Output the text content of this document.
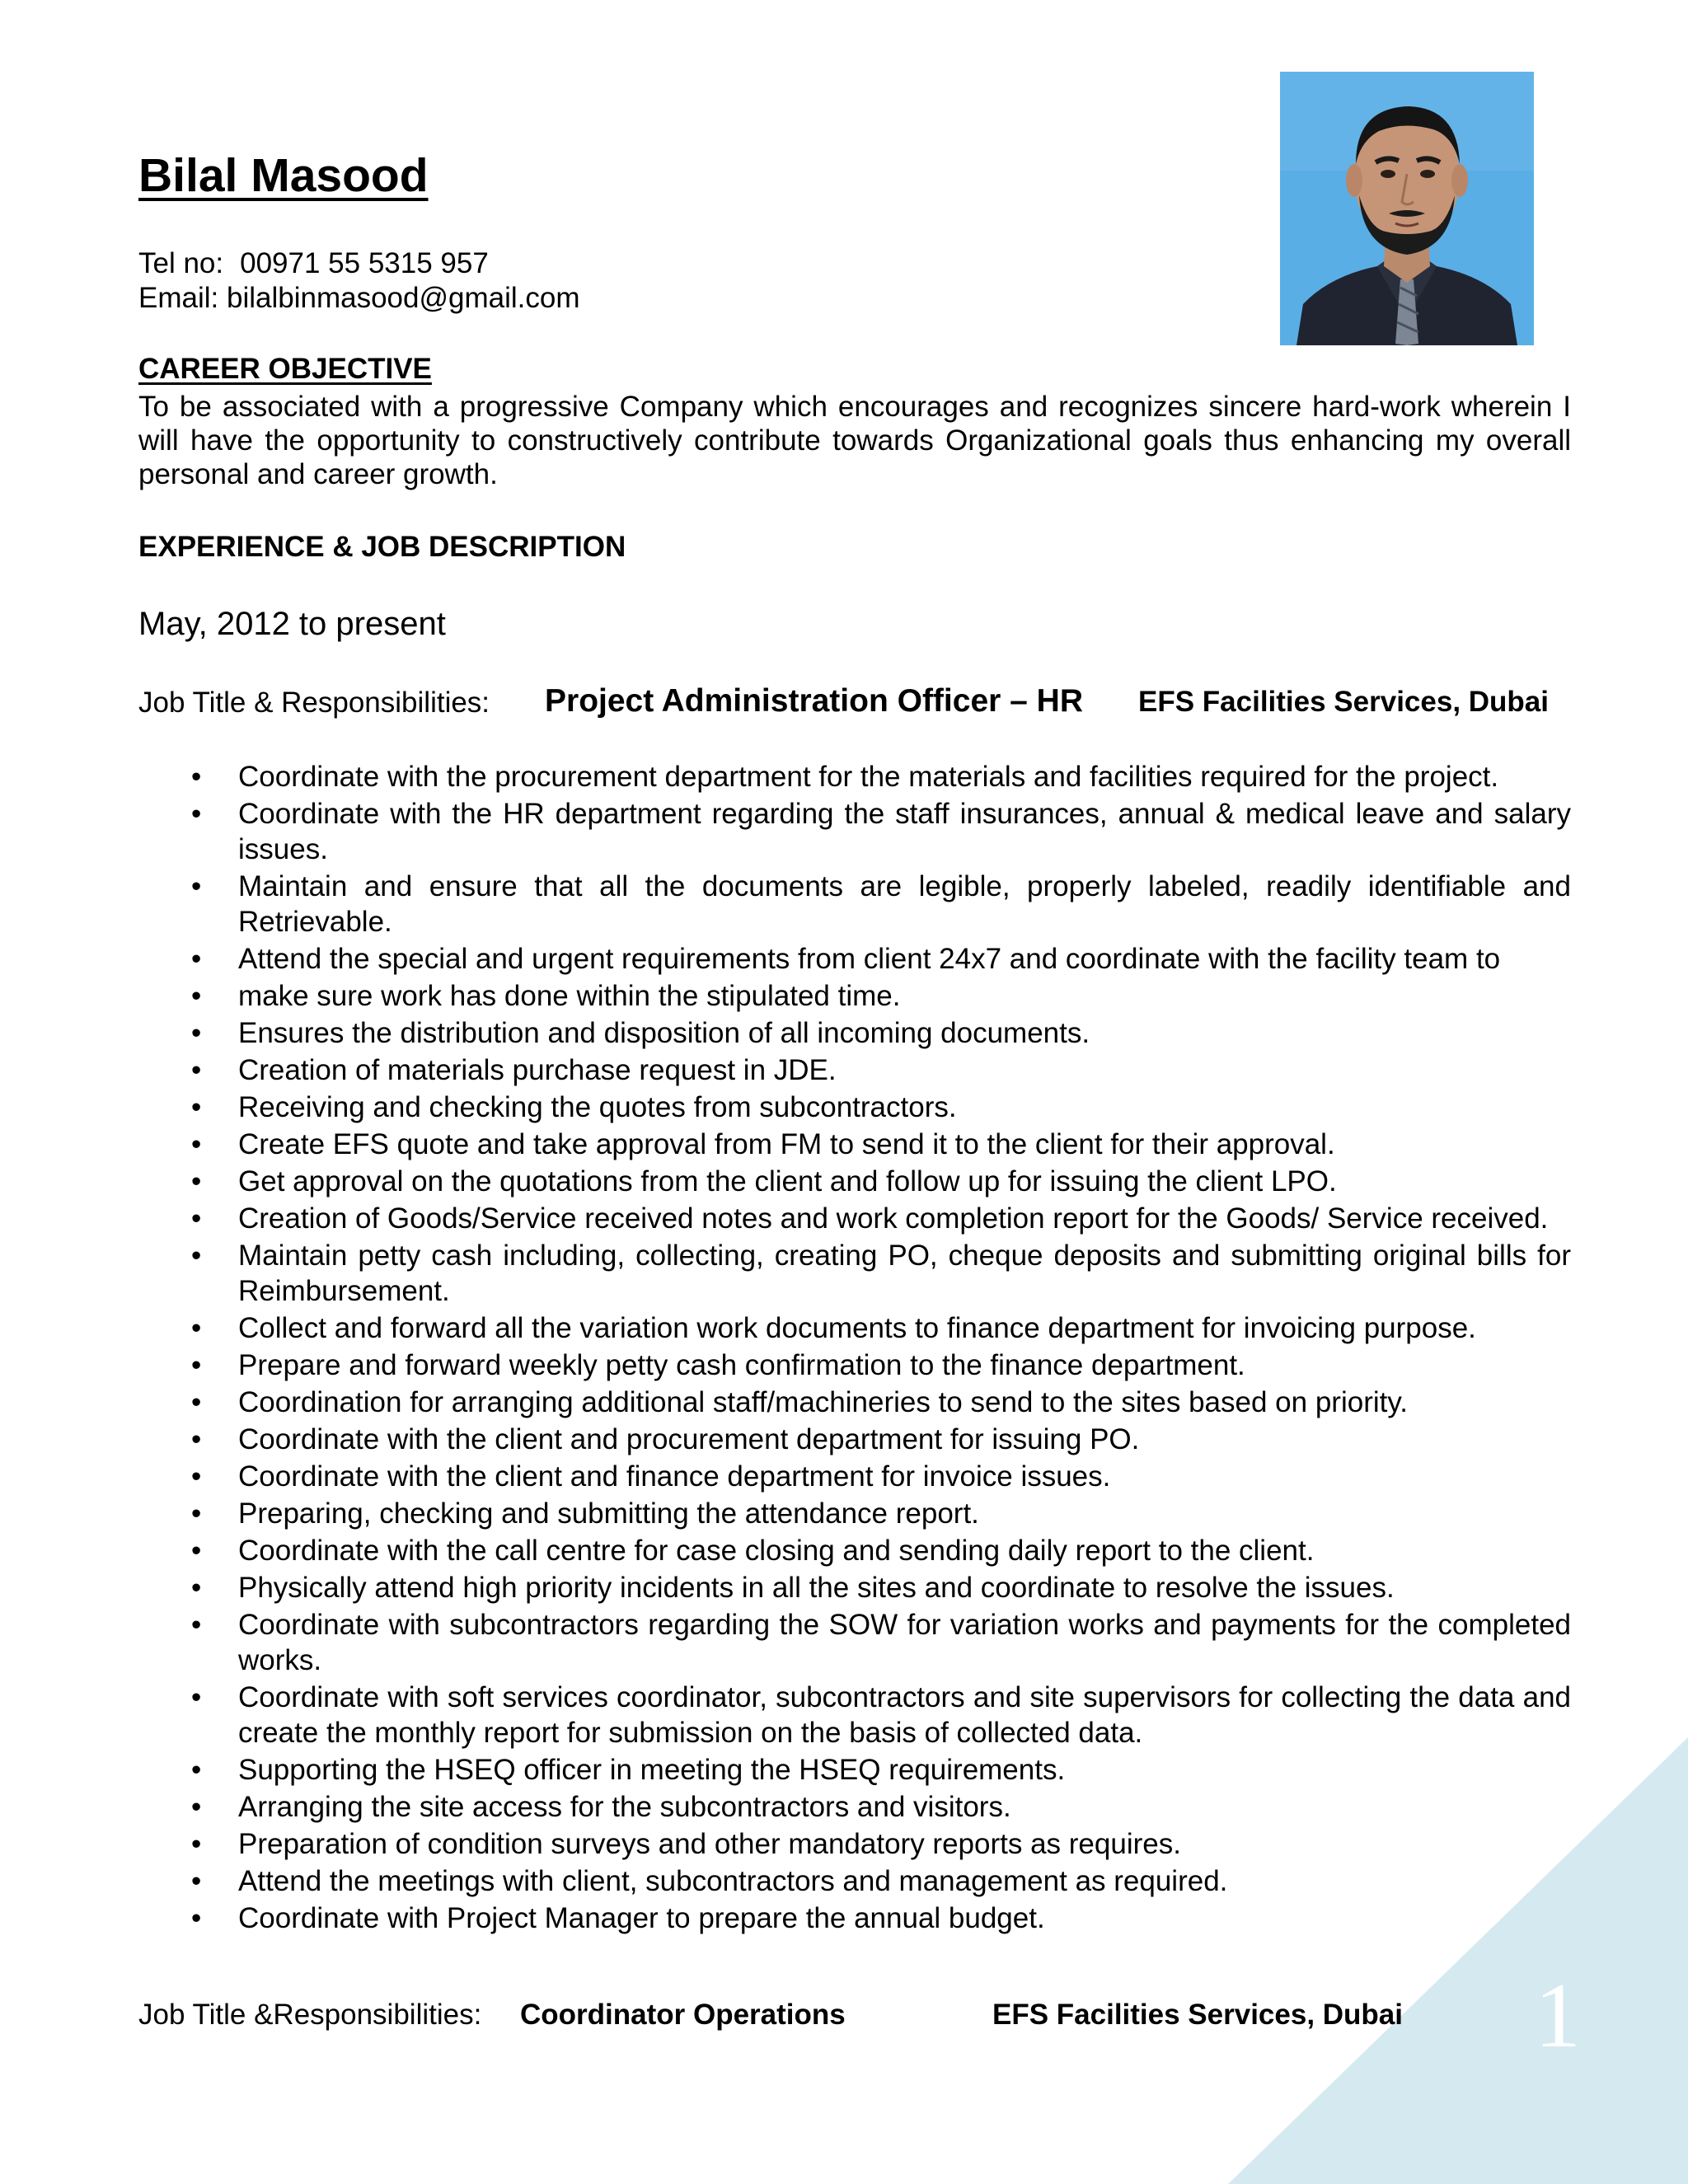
1
Bilal Masood
Tel no: 00971 55 5315 957
Email: bilalbinmasood@gmail.com
CAREER OBJECTIVE
To be associated with a progressive Company which encourages and recognizes sincere hard-work wherein I will have the opportunity to constructively contribute towards Organizational goals thus enhancing my overall personal and career growth.
EXPERIENCE & JOB DESCRIPTION
May, 2012 to present
Job Title & Responsibilities: Project Administration Officer – HR EFS Facilities Services, Dubai
• Coordinate with the procurement department for the materials and facilities required for the project.
• Coordinate with the HR department regarding the staff insurances, annual & medical leave and salary issues.
• Maintain and ensure that all the documents are legible, properly labeled, readily identifiable and Retrievable.
• Attend the special and urgent requirements from client 24x7 and coordinate with the facility team to
• make sure work has done within the stipulated time.
• Ensures the distribution and disposition of all incoming documents.
• Creation of materials purchase request in JDE.
• Receiving and checking the quotes from subcontractors.
• Create EFS quote and take approval from FM to send it to the client for their approval.
• Get approval on the quotations from the client and follow up for issuing the client LPO.
• Creation of Goods/Service received notes and work completion report for the Goods/ Service received.
• Maintain petty cash including, collecting, creating PO, cheque deposits and submitting original bills for Reimbursement.
• Collect and forward all the variation work documents to finance department for invoicing purpose.
• Prepare and forward weekly petty cash confirmation to the finance department.
• Coordination for arranging additional staff/machineries to send to the sites based on priority.
• Coordinate with the client and procurement department for issuing PO.
• Coordinate with the client and finance department for invoice issues.
• Preparing, checking and submitting the attendance report.
• Coordinate with the call centre for case closing and sending daily report to the client.
• Physically attend high priority incidents in all the sites and coordinate to resolve the issues.
• Coordinate with subcontractors regarding the SOW for variation works and payments for the completed works.
• Coordinate with soft services coordinator, subcontractors and site supervisors for collecting the data and create the monthly report for submission on the basis of collected data.
• Supporting the HSEQ officer in meeting the HSEQ requirements.
• Arranging the site access for the subcontractors and visitors.
• Preparation of condition surveys and other mandatory reports as requires.
• Attend the meetings with client, subcontractors and management as required.
• Coordinate with Project Manager to prepare the annual budget.
Job Title &Responsibilities: Coordinator Operations	EFS Facilities Services, Dubai
